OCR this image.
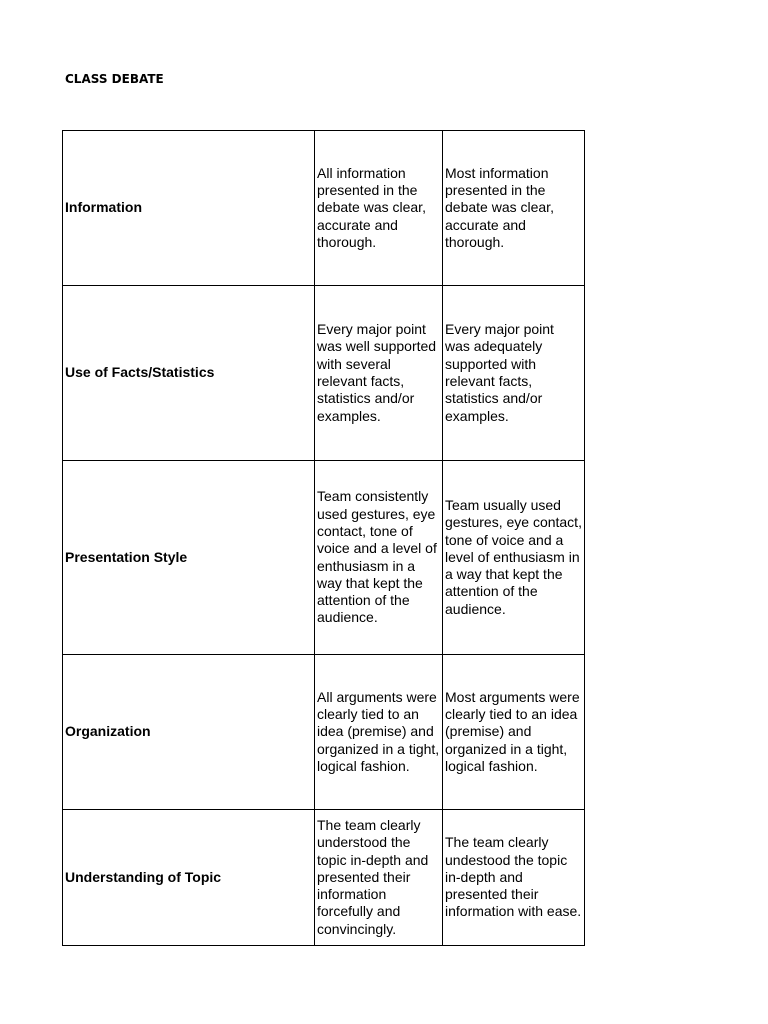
CLASS DEBATE
Information	All information presented in the debate was clear, accurate and thorough.	Most information presented in the debate was clear, accurate and thorough.
Use of Facts/Statistics	Every major point was well supported with several relevant facts, statistics and/or examples.	Every major point was adequately supported with relevant facts, statistics and/or examples.
Presentation Style	Team consistently used gestures, eye contact, tone of voice and a level of enthusiasm in a way that kept the attention of the audience.	Team usually used gestures, eye contact, tone of voice and a level of enthusiasm in a way that kept the attention of the audience.
Organization	All arguments were clearly tied to an idea (premise) and organized in a tight, logical fashion.	Most arguments were clearly tied to an idea (premise) and organized in a tight, logical fashion.
Understanding of Topic	The team clearly understood the topic in-depth and presented their information forcefully and convincingly.	The team clearly undestood the topic in-depth and presented their information with ease.
